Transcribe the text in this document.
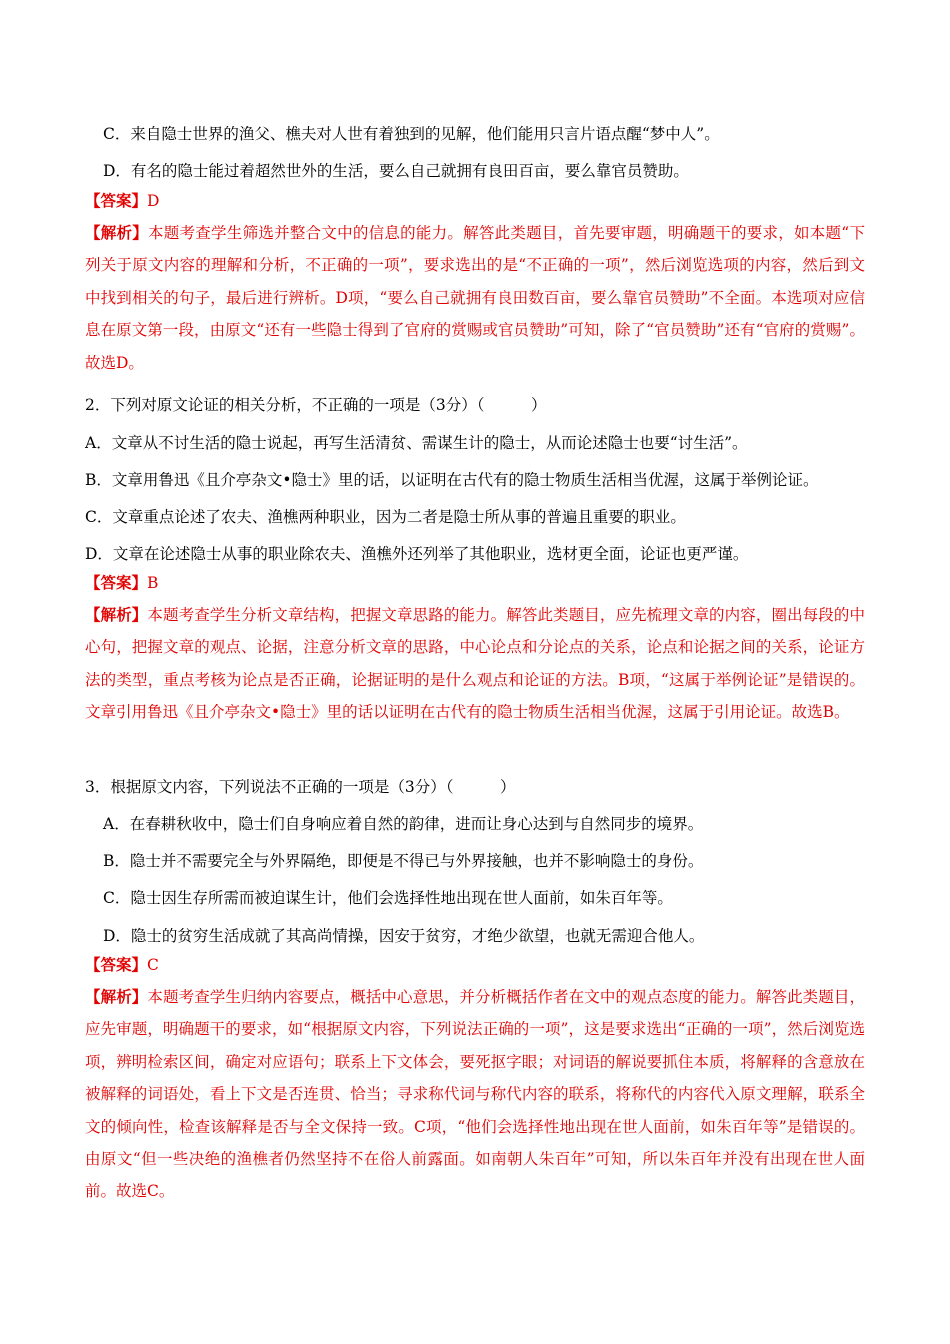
C．来自隐士世界的渔父、樵夫对人世有着独到的见解，他们能用只言片语点醒“梦中人”。
D．有名的隐士能过着超然世外的生活，要么自己就拥有良田百亩，要么靠官员赞助。
【答案】D
【解析】本题考查学生筛选并整合文中的信息的能力。解答此类题目，首先要审题，明确题干的要求，如本题“下列关于原文内容的理解和分析，不正确的一项”，要求选出的是“不正确的一项”，然后浏览选项的内容，然后到文中找到相关的句子，最后进行辨析。D项，“要么自己就拥有良田数百亩，要么靠官员赞助”不全面。本选项对应信息在原文第一段，由原文“还有一些隐士得到了官府的赏赐或官员赞助”可知，除了“官员赞助”还有“官府的赏赐”。故选D。
2．下列对原文论证的相关分析，不正确的一项是（3分）（　　　）
A．文章从不讨生活的隐士说起，再写生活清贫、需谋生计的隐士，从而论述隐士也要“讨生活”。
B．文章用鲁迅《且介亭杂文•隐士》里的话，以证明在古代有的隐士物质生活相当优渥，这属于举例论证。
C．文章重点论述了农夫、渔樵两种职业，因为二者是隐士所从事的普遍且重要的职业。
D．文章在论述隐士从事的职业除农夫、渔樵外还列举了其他职业，选材更全面，论证也更严谨。
【答案】B
【解析】本题考查学生分析文章结构，把握文章思路的能力。解答此类题目，应先梳理文章的内容，圈出每段的中心句，把握文章的观点、论据，注意分析文章的思路，中心论点和分论点的关系，论点和论据之间的关系，论证方法的类型，重点考核为论点是否正确，论据证明的是什么观点和论证的方法。B项，“这属于举例论证”是错误的。文章引用鲁迅《且介亭杂文•隐士》里的话以证明在古代有的隐士物质生活相当优渥，这属于引用论证。故选B。
3．根据原文内容，下列说法不正确的一项是（3分）（　　　）
A．在春耕秋收中，隐士们自身响应着自然的韵律，进而让身心达到与自然同步的境界。
B．隐士并不需要完全与外界隔绝，即便是不得已与外界接触，也并不影响隐士的身份。
C．隐士因生存所需而被迫谋生计，他们会选择性地出现在世人面前，如朱百年等。
D．隐士的贫穷生活成就了其高尚情操，因安于贫穷，才绝少欲望，也就无需迎合他人。
【答案】C
【解析】本题考查学生归纳内容要点，概括中心意思，并分析概括作者在文中的观点态度的能力。解答此类题目，应先审题，明确题干的要求，如“根据原文内容，下列说法正确的一项”，这是要求选出“正确的一项”，然后浏览选项，辨明检索区间，确定对应语句；联系上下文体会，要死抠字眼；对词语的解说要抓住本质，将解释的含意放在被解释的词语处，看上下文是否连贯、恰当；寻求称代词与称代内容的联系，将称代的内容代入原文理解，联系全文的倾向性，检查该解释是否与全文保持一致。C项，“他们会选择性地出现在世人面前，如朱百年等”是错误的。由原文“但一些决绝的渔樵者仍然坚持不在俗人前露面。如南朝人朱百年”可知，所以朱百年并没有出现在世人面前。故选C。
